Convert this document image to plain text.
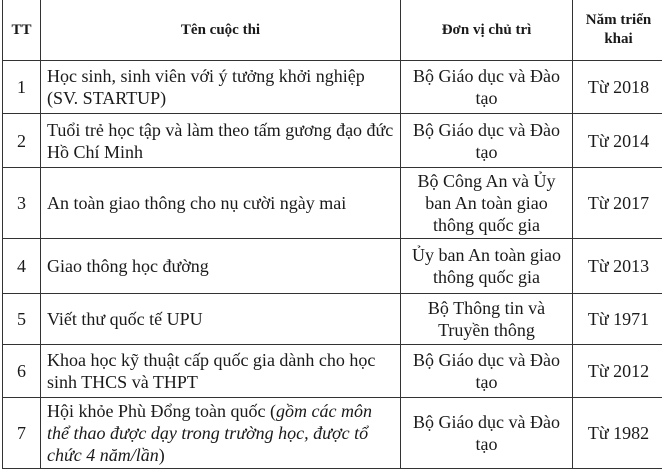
TT	Tên cuộc thi	Đơn vị chủ trì	Năm triển khai
1	Học sinh, sinh viên với ý tưởng khởi nghiệp (SV. STARTUP)	Bộ Giáo dục và Đào tạo	Từ 2018
2	Tuổi trẻ học tập và làm theo tấm gương đạo đức Hồ Chí Minh	Bộ Giáo dục và Đào tạo	Từ 2014
3	An toàn giao thông cho nụ cười ngày mai	Bộ Công An và Ủy ban An toàn giao thông quốc gia	Từ 2017
4	Giao thông học đường	Ủy ban An toàn giao thông quốc gia	Từ 2013
5	Viết thư quốc tế UPU	Bộ Thông tin và Truyền thông	Từ 1971
6	Khoa học kỹ thuật cấp quốc gia dành cho học sinh THCS và THPT	Bộ Giáo dục và Đào tạo	Từ 2012
7	Hội khỏe Phù Đổng toàn quốc (gồm các môn thể thao được dạy trong trường học, được tổ chức 4 năm/lần)	Bộ Giáo dục và Đào tạo	Từ 1982
